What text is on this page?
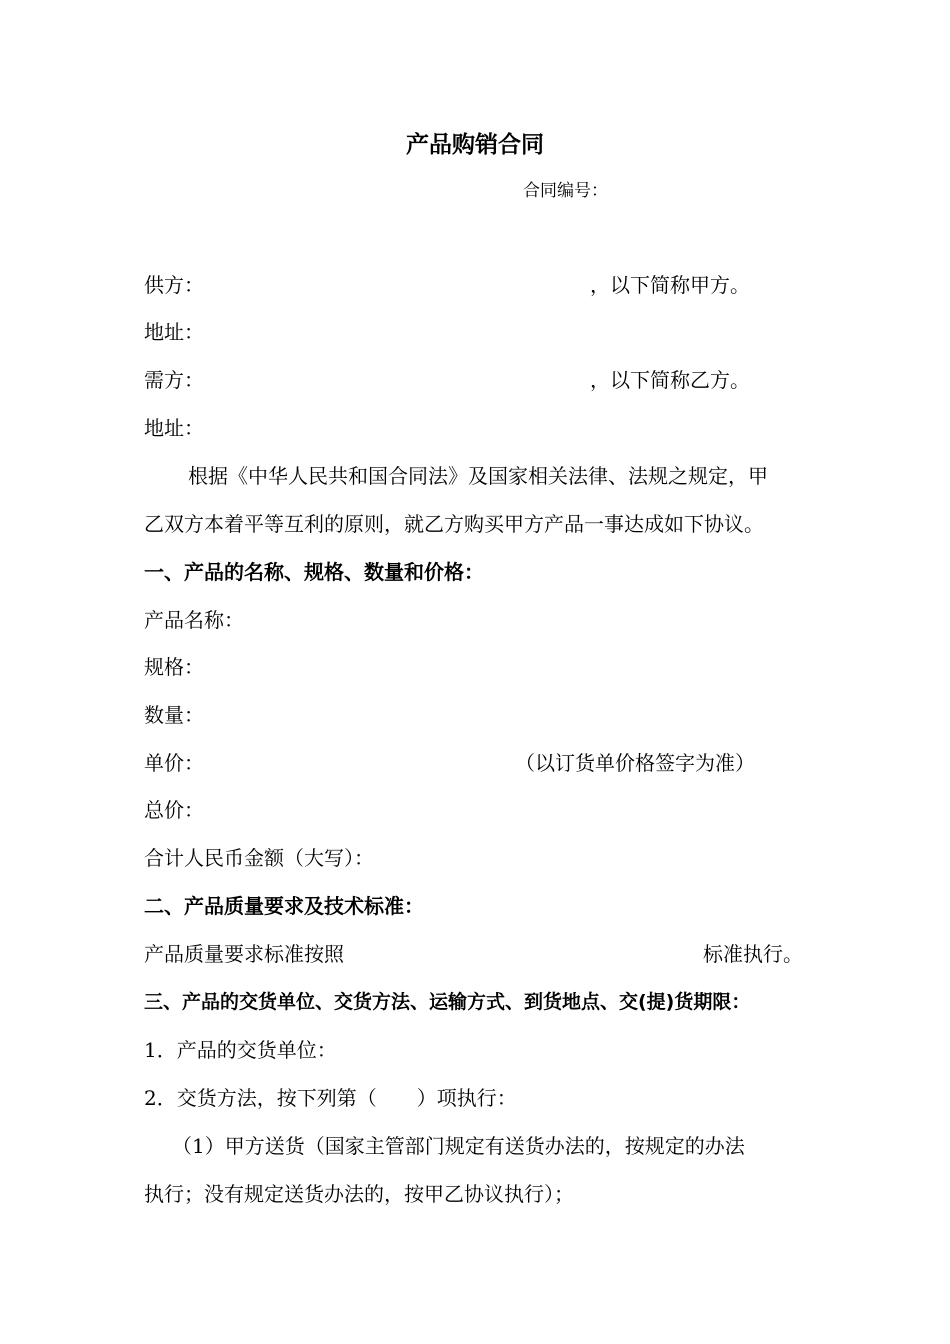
产品购销合同
合同编号：
供方：	，以下简称甲方。
地址：
需方：	，以下简称乙方。
地址：
根据《中华人民共和国合同法》及国家相关法律、法规之规定，甲
乙双方本着平等互利的原则，就乙方购买甲方产品一事达成如下协议。
一、产品的名称、规格、数量和价格：
产品名称：
规格：
数量：
单价：	（以订货单价格签字为准）
总价：
合计人民币金额（大写）：
二、产品质量要求及技术标准：
产品质量要求标准按照	标准执行。
三、产品的交货单位、交货方法、运输方式、到货地点、交(提)货期限：
1．产品的交货单位：
2．交货方法，按下列第（　　）项执行：
（1）甲方送货（国家主管部门规定有送货办法的，按规定的办法
执行；没有规定送货办法的，按甲乙协议执行）；
